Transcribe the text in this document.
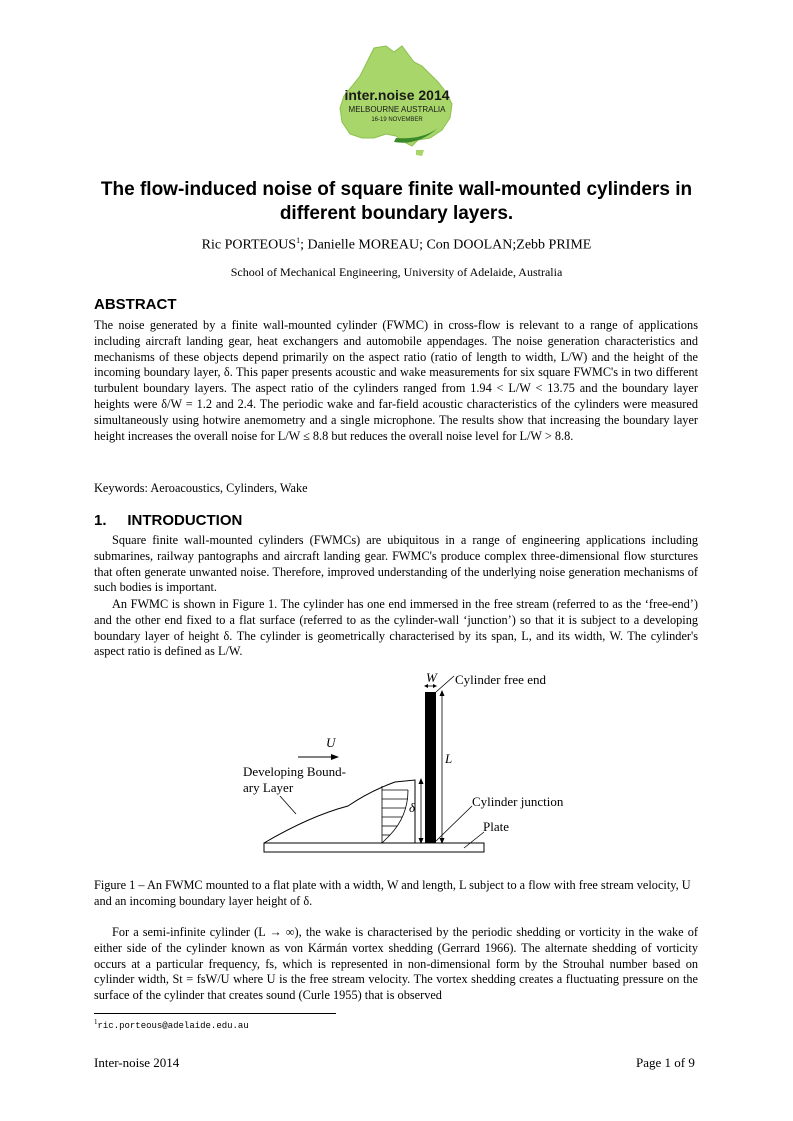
inter.noise 2014
MELBOURNE AUSTRALIA
16-19 NOVEMBER
The flow-induced noise of square finite wall-mounted cylinders in
different boundary layers.
Ric PORTEOUS$^1$; Danielle MOREAU; Con DOOLAN;Zebb PRIME
School of Mechanical Engineering, University of Adelaide, Australia
ABSTRACT
The noise generated by a finite wall-mounted cylinder (FWMC) in cross-flow is relevant to a range of applications including aircraft landing gear, heat exchangers and automobile appendages. The noise generation characteristics and mechanisms of these objects depend primarily on the aspect ratio (ratio of length to width, L/W) and the height of the incoming boundary layer, δ. This paper presents acoustic and wake measurements for six square FWMC's in two different turbulent boundary layers. The aspect ratio of the cylinders ranged from 1.94 < L/W < 13.75 and the boundary layer heights were δ/W = 1.2 and 2.4. The periodic wake and far-field acoustic characteristics of the cylinders were measured simultaneously using hotwire anemometry and a single microphone. The results show that increasing the boundary layer height increases the overall noise for L/W ≤ 8.8 but reduces the overall noise level for L/W > 8.8.
Keywords: Aeroacoustics, Cylinders, Wake
1.     INTRODUCTION
Square finite wall-mounted cylinders (FWMCs) are ubiquitous in a range of engineering applications including submarines, railway pantographs and aircraft landing gear. FWMC's produce complex three-dimensional flow sturctures that often generate unwanted noise. Therefore, improved understanding of the underlying noise generation mechanisms of such bodies is important.
An FWMC is shown in Figure 1. The cylinder has one end immersed in the free stream (referred to as the ‘free-end’) and the other end fixed to a flat surface (referred to as the cylinder-wall ‘junction’) so that it is subject to a developing boundary layer of height δ. The cylinder is geometrically characterised by its span, L, and its width, W. The cylinder's aspect ratio is defined as L/W.
δ
W
L
Cylinder free end
U
Developing Bound-
ary Layer
Cylinder junction
Plate
Figure 1 – An FWMC mounted to a flat plate with a width, W and length, L subject to a flow with free stream velocity, U and an incoming boundary layer height of δ.
For a semi-infinite cylinder (L → ∞), the wake is characterised by the periodic shedding or vorticity in the wake of either side of the cylinder known as von Kármán vortex shedding (Gerrard 1966). The alternate shedding of vorticity occurs at a particular frequency, fs, which is represented in non-dimensional form by the Strouhal number based on cylinder width, St = fsW/U where U is the free stream velocity. The vortex shedding creates a fluctuating pressure on the surface of the cylinder that creates sound (Curle 1955) that is observed
$^1$ric.porteous@adelaide.edu.au
Inter-noise 2014	Page 1 of 9
